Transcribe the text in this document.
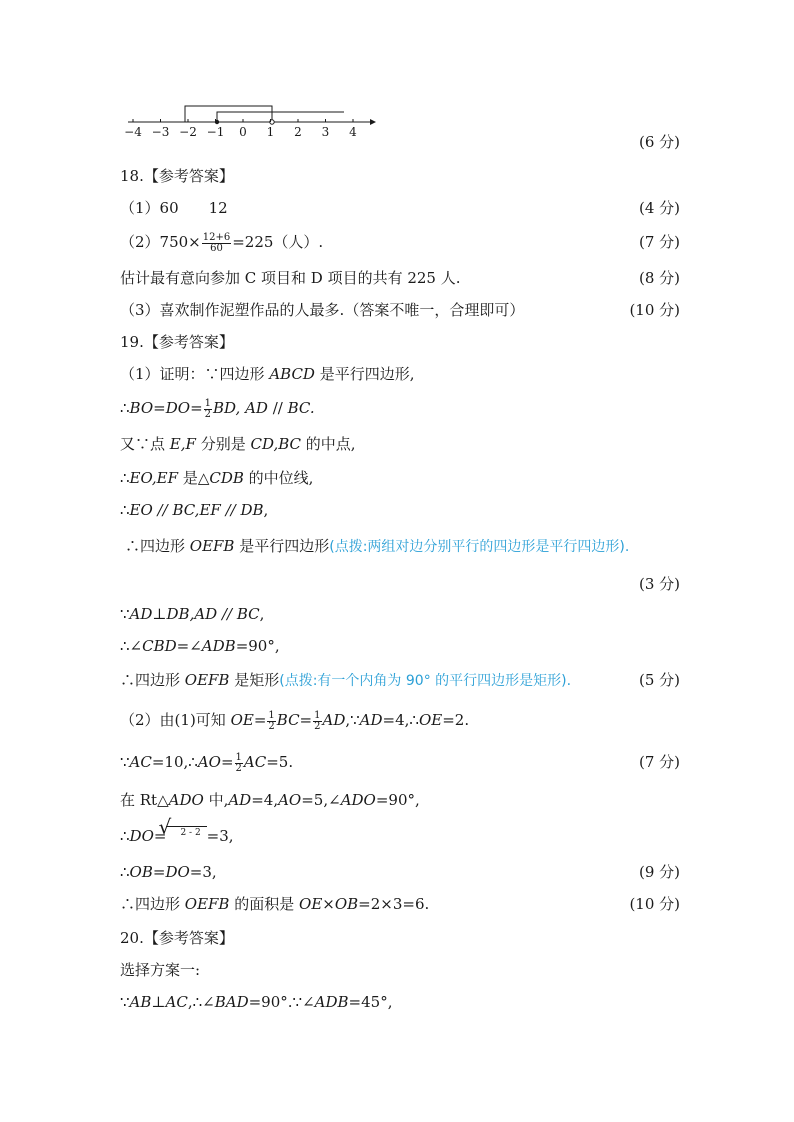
−4 −3 −2 −1 0 1 2 3 4
(6 分)
18.【参考答案】
（1）60　　12	(4 分)
$(2)750\times \frac{12+6}{60} =225$（人）.	(7 分)
估计最有意向参加 C 项目和 D 项目的共有 225 人.	(8 分)
（3）喜欢制作泥塑作品的人最多.（答案不唯一，合理即可）	(10 分)
19.【参考答案】
（1）证明：∵四边形 ABCD 是平行四边形,
∴BO=DO= $\frac{1}{2}$ BD, AD // BC.
又∵点 E,F 分别是 CD,BC 的中点,
∴EO,EF 是△CDB 的中位线,
∴EO // BC,EF // DB,
∴四边形 OEFB 是平行四边形(点拨:两组对边分别平行的四边形是平行四边形).
(3 分)
∵AD⊥DB,AD // BC,
∴∠CBD=∠ADB=90°,
∴四边形 OEFB 是矩形(点拨:有一个内角为 90° 的平行四边形是矩形).	(5 分)
（2）由(1)可知 $OE= \frac{1}{2} BC= \frac{1}{2}$ AD,∵AD=4,∴OE=2.
∵AC=10,∴AO= $\frac{1}{2} AC=5$.	(7 分)
在 Rt△ADO 中,AD=4,AO=5,∠ADO=90°,
∴DO=√ 2 - 2 =3,
∴OB=DO=3,	(9 分)
∴四边形 OEFB 的面积是 OE×OB=2×3=6.	(10 分)
20.【参考答案】
选择方案一:
∵AB⊥AC,∴∠BAD=90°.∵∠ADB=45°,
